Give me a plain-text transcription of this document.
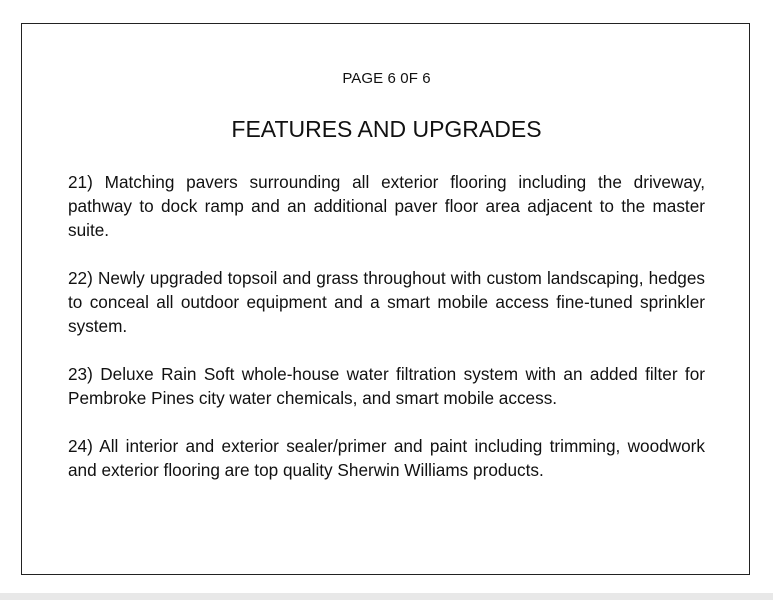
PAGE 6 0F 6
FEATURES AND UPGRADES

21) Matching pavers surrounding all exterior flooring including the driveway, pathway to dock ramp and an additional paver floor area adjacent to the master suite.

22) Newly upgraded topsoil and grass throughout with custom landscaping, hedges to conceal all outdoor equipment and a smart mobile access fine-tuned sprinkler system.

23) Deluxe Rain Soft whole-house water filtration system with an added filter for Pembroke Pines city water chemicals, and smart mobile access.

24) All interior and exterior sealer/primer and paint including trimming, woodwork and exterior flooring are top quality Sherwin Williams products.
